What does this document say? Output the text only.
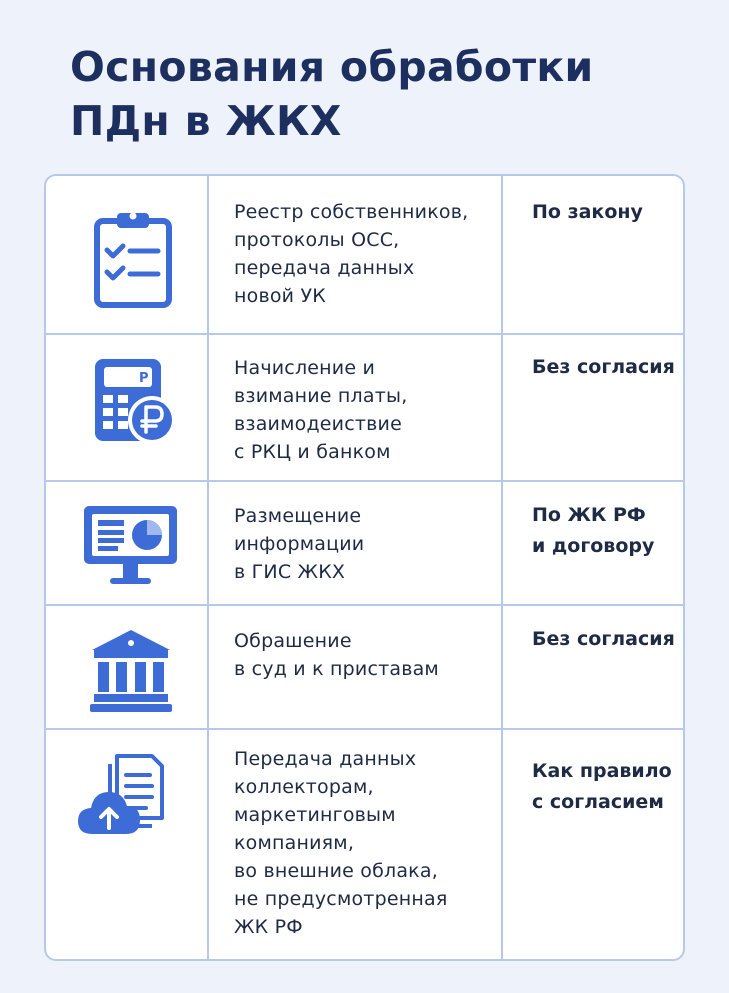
Основания обработки
ПДн в ЖКХ
Реестр собственников,
протоколы ОСС,
передача данных
новой УК
По закону
P	Начисление и
взимание платы,
взаимодеиствие
с РКЦ и банком
Без согласия
Размещение
информации
в ГИС ЖКХ
По ЖК РФ
и договору
Обрашение
в суд и к приставам
Без согласия
Передача данных
коллекторам,
маркетинговым
компаниям,
во внешние облака,
не предусмотренная
ЖК РФ
Как правило
с согласием
